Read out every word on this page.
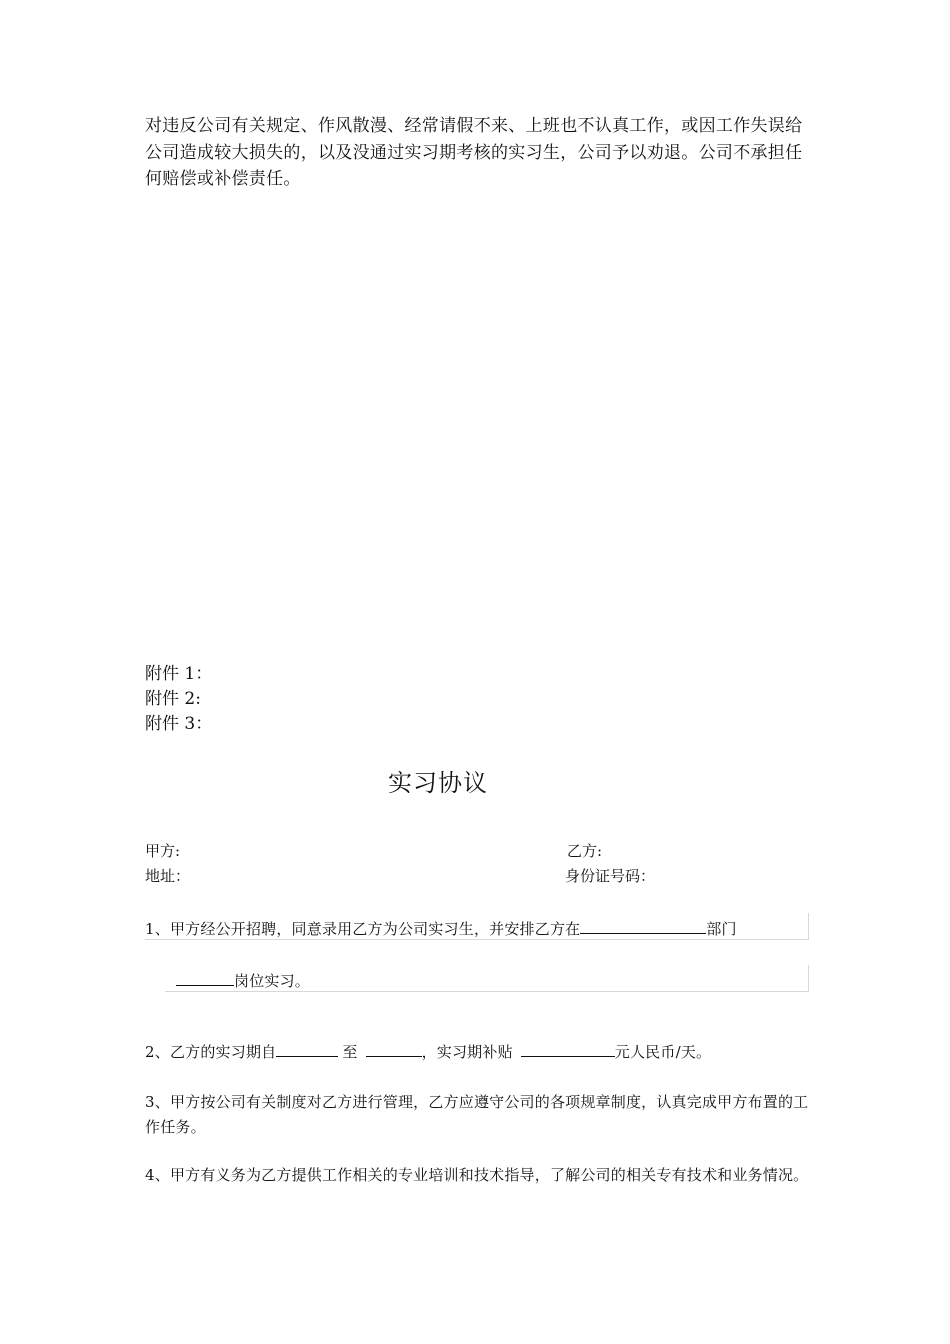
对违反公司有关规定、作风散漫、经常请假不来、上班也不认真工作，或因工作失误给公司造成较大损失的，以及没通过实习期考核的实习生，公司予以劝退。公司不承担任何赔偿或补偿责任。
附件 1：
附件 2:
附件 3：
实习协议
甲方:	乙方:
地址：	身份证号码：
1、甲方经公开招聘，同意录用乙方为公司实习生，并安排乙方在	部门
岗位实习。
2、乙方的实习期自	至	，实习期补贴	元人民币/天。
3、甲方按公司有关制度对乙方进行管理，乙方应遵守公司的各项规章制度，认真完成甲方布置的工作任务。
4、甲方有义务为乙方提供工作相关的专业培训和技术指导，了解公司的相关专有技术和业务情况。
